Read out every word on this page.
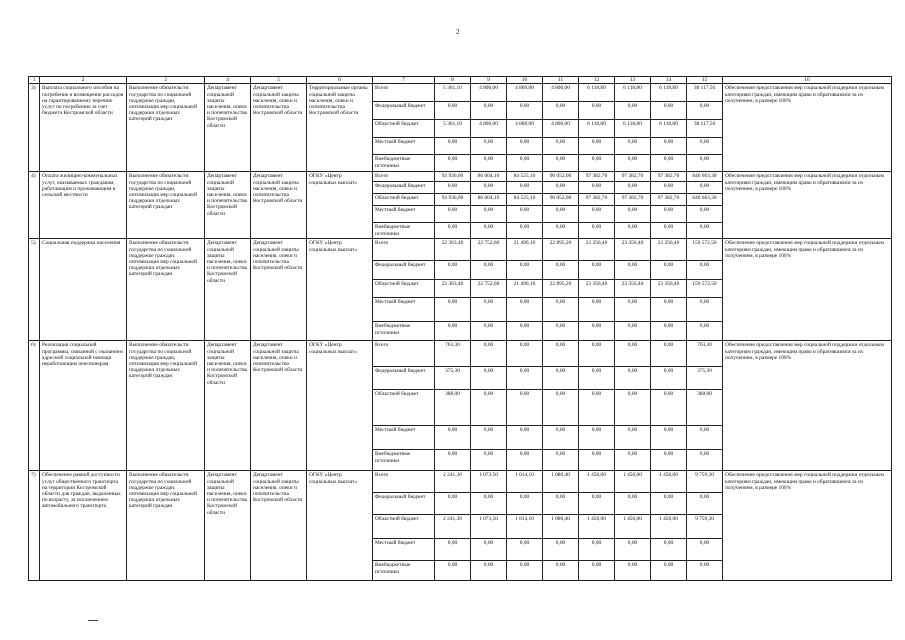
2
1	2	3	4	5	6	7	8	9	10	11	12	13	14	15	16
3)	Выплата социального пособия на погребение и возмещение расходов на гарантированному перечню услуг по погребению за счет бюджета Костромской области	Выполнение обязательств государства по социальной поддержке граждан, оптимизация мер социальной поддержки отдельных категорий граждан	Департамент социальной защиты населения, опеки и попечительства Костромской области	Департамент социальной защиты населения, опеки и попечительства Костромской области	Территориальные органы социальной защиты населения, опеки и попечительства Костромской области	Всего	5 361,10	4 800,00	4 800,00	4 800,00	6 118,80	6 118,80	6 118,80	38 117,50	Обеспечение предоставления мер социальной поддержки отдельным категориям граждан, имеющим право и обратившимся за их получением, в размере 100%
						Федеральный бюджет	0,00	0,00	0,00	0,00	0,00	0,00	0,00	0,00	
						Областной бюджет	5 361,10	4 800,00	4 800,00	4 800,00	6 118,80	6 118,80	6 118,80	38 117,50	
						Местный бюджет	0,00	0,00	0,00	0,00	0,00	0,00	0,00	0,00	
						Внебюджетные источники	0,00	0,00	0,00	0,00	0,00	0,00	0,00	0,00	
4)	Оплата жилищно-коммунальных услуг, оказываемых гражданам, работающим и проживающим в сельской местности	Выполнение обязательств государства по социальной поддержке граждан, оптимизация мер социальной поддержки отдельных категорий граждан	Департамент социальной защиты населения, опеки и попечительства Костромской области	Департамент социальной защиты населения, опеки и попечительства Костромской области	ОГКУ «Центр социальных выплат»	Всего	93 936,00	86 004,10	84 525,10	90 052,00	97 382,70	97 382,70	97 382,70	646 663,30	Обеспечение предоставления мер социальной поддержки отдельным категориям граждан, имеющим право и обратившимся за их получением, в размере 100%
						Федеральный бюджет	0,00	0,00	0,00	0,00	0,00	0,00	0,00	0,00	
						Областной бюджет	93 936,00	86 004,10	84 525,10	90 052,00	97 382,70	97 382,70	97 382,70	646 663,30	
						Местный бюджет	0,00	0,00	0,00	0,00	0,00	0,00	0,00	0,00	
						Внебюджетные источники	0,00	0,00	0,00	0,00	0,00	0,00	0,00	0,00	
5)	Социальная поддержка населения	Выполнение обязательств государства по социальной поддержке граждан, оптимизация мер социальной поддержки отдельных категорий граждан	Департамент социальной защиты населения, опеки и попечительства Костромской области	Департамент социальной защиты населения, опеки и попечительства Костромской области	ОГКУ «Центр социальных выплат»	Всего	22 363,40	22 752,60	21 490,10	22 895,20	23 356,40	23 356,40	23 356,40	159 572,50	Обеспечение предоставления мер социальной поддержки отдельным категориям граждан, имеющим право и обратившимся за их получением, в размере 100%
						Федеральный бюджет	0,00	0,00	0,00	0,00	0,00	0,00	0,00	0,00	
						Областной бюджет	22 363,40	22 752,60	21 490,10	22 895,20	23 356,40	23 356,40	23 356,40	159 572,50	
						Местный бюджет	0,00	0,00	0,00	0,00	0,00	0,00	0,00	0,00	
						Внебюджетные источники	0,00	0,00	0,00	0,00	0,00	0,00	0,00	0,00	
6)	Реализация социальной программы, связанной с оказанием адресной социальной помощи неработающим пенсионерам	Выполнение обязательств государства по социальной поддержке граждан, оптимизация мер социальной поддержки отдельных категорий граждан	Департамент социальной защиты населения, опеки и попечительства Костромской области	Департамент социальной защиты населения, опеки и попечительства Костромской области	ОГКУ «Центр социальных выплат»	Всего	763,30	0,00	0,00	0,00	0,00	0,00	0,00	763,30	Обеспечение предоставления мер социальной поддержки отдельным категориям граждан, имеющим право и обратившимся за их получением, в размере 100%
						Федеральный бюджет	375,30	0,00	0,00	0,00	0,00	0,00	0,00	375,30	
						Областной бюджет	388,00	0,00	0,00	0,00	0,00	0,00	0,00	388,00	
						Местный бюджет	0,00	0,00	0,00	0,00	0,00	0,00	0,00	0,00	
						Внебюджетные источники	0,00	0,00	0,00	0,00	0,00	0,00	0,00	0,00	
7)	Обеспечение равной доступности услуг общественного транспорта на территории Костромской области для граждан, выделенных по возрасту, за исключением автомобильного транспорта	Выполнение обязательств государства по социальной поддержке граждан, оптимизация мер социальной поддержки отдельных категорий граждан	Департамент социальной защиты населения, опеки и попечительства Костромской области	Департамент социальной защиты населения, опеки и попечительства Костромской области	ОГКУ «Центр социальных выплат»	Всего	2 241,30	1 073,50	1 014,10	1 080,40	1 450,00	1 450,00	1 450,00	9 759,30	Обеспечение предоставления мер социальной поддержки отдельным категориям граждан, имеющим право и обратившимся за их получением, в размере 100%
						Федеральный бюджет	0,00	0,00	0,00	0,00	0,00	0,00	0,00	0,00	
						Областной бюджет	2 241,30	1 073,50	1 014,10	1 080,40	1 450,00	1 450,00	1 450,00	9 759,30	
						Местный бюджет	0,00	0,00	0,00	0,00	0,00	0,00	0,00	0,00	
						Внебюджетные источники	0,00	0,00	0,00	0,00	0,00	0,00	0,00	0,00	
